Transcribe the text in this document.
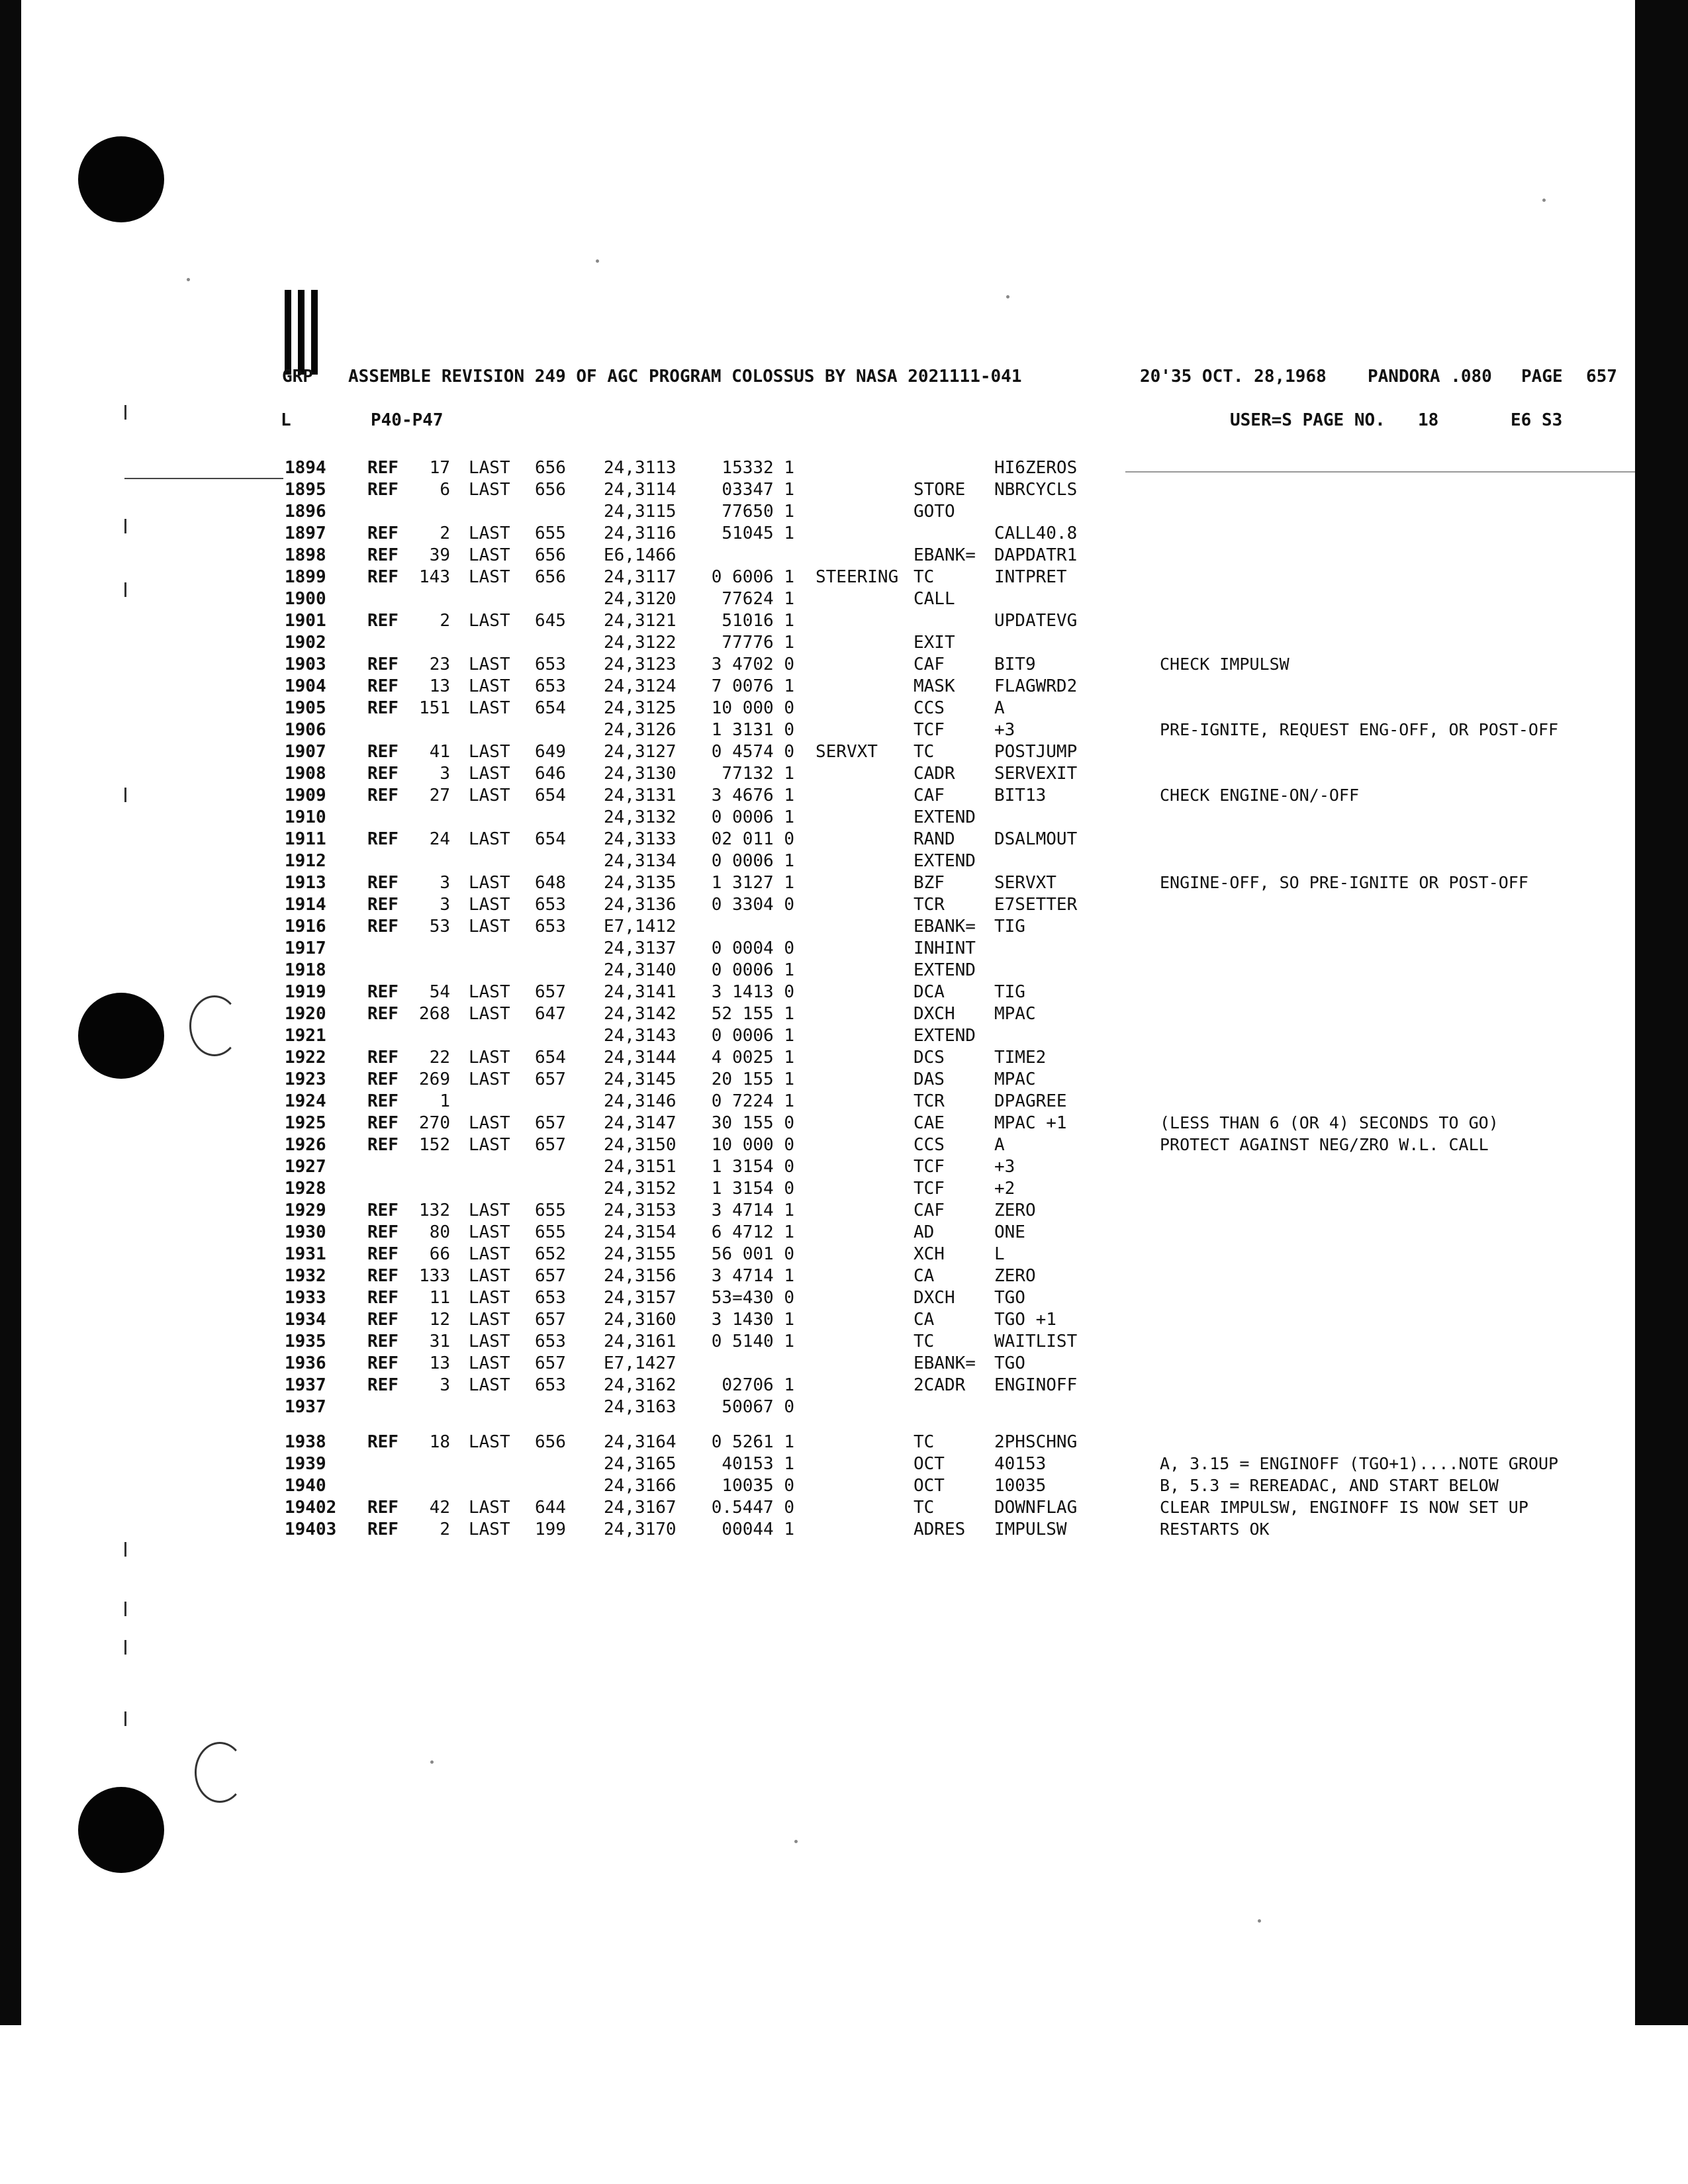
GRP ASSEMBLE REVISION 249 OF AGC PROGRAM COLOSSUS BY NASA 2021111-041	20'35 OCT. 28,1968 PANDORA .080 PAGE 657
L	P40-P47	USER=S PAGE NO. 18	E6 S3
1894 REF	17 LAST 656 24,3113	15332 1	HI6ZEROS
1895 REF	6 LAST 656 24,3114	03347 1	STORE NBRCYCLS
1896	24,3115	77650 1	GOTO
1897 REF	2 LAST 655 24,3116	51045 1	CALL40.8
1898 REF	39 LAST 656 E6,1466	EBANK= DAPDATR1
1899 REF	143 LAST 656 24,3117	0 6006 1 STEERING TC	INTPRET
1900	24,3120	77624 1	CALL
1901 REF	2 LAST 645 24,3121	51016 1	UPDATEVG
1902	24,3122	77776 1	EXIT
1903 REF	23 LAST 653 24,3123	3 4702 0	CAF	BIT9	CHECK IMPULSW
1904 REF	13 LAST 653 24,3124	7 0076 1	MASK FLAGWRD2
1905 REF	151 LAST 654 24,3125	10 000 0	CCS	A
1906	24,3126	1 3131 0	TCF	+3	PRE-IGNITE, REQUEST ENG-OFF, OR POST-OFF
1907 REF	41 LAST 649 24,3127	0 4574 0 SERVXT TC	POSTJUMP
1908 REF	3 LAST 646 24,3130	77132 1	CADR SERVEXIT
1909 REF	27 LAST 654 24,3131	3 4676 1	CAF	BIT13	CHECK ENGINE-ON/-OFF
1910	24,3132	0 0006 1	EXTEND
1911 REF	24 LAST 654 24,3133	02 011 0	RAND DSALMOUT
1912	24,3134	0 0006 1	EXTEND
1913 REF	3 LAST 648 24,3135	1 3127 1	BZF	SERVXT	ENGINE-OFF, SO PRE-IGNITE OR POST-OFF
1914 REF	3 LAST 653 24,3136	0 3304 0	TCR	E7SETTER
1916 REF	53 LAST 653 E7,1412	EBANK= TIG
1917	24,3137	0 0004 0	INHINT
1918	24,3140	0 0006 1	EXTEND
1919 REF	54 LAST 657 24,3141	3 1413 0	DCA	TIG
1920 REF	268 LAST 647 24,3142	52 155 1	DXCH MPAC
1921	24,3143	0 0006 1	EXTEND
1922 REF	22 LAST 654 24,3144	4 0025 1	DCS	TIME2
1923 REF	269 LAST 657 24,3145	20 155 1	DAS	MPAC
1924 REF	1	24,3146	0 7224 1	TCR	DPAGREE
1925 REF	270 LAST 657 24,3147	30 155 0	CAE	MPAC +1	(LESS THAN 6 (OR 4) SECONDS TO GO)
1926 REF	152 LAST 657 24,3150	10 000 0	CCS	A	PROTECT AGAINST NEG/ZRO W.L. CALL
1927	24,3151	1 3154 0	TCF	+3
1928	24,3152	1 3154 0	TCF	+2
1929 REF	132 LAST 655 24,3153	3 4714 1	CAF	ZERO
1930 REF	80 LAST 655 24,3154	6 4712 1	AD	ONE
1931 REF	66 LAST 652 24,3155	56 001 0	XCH	L
1932 REF	133 LAST 657 24,3156	3 4714 1	CA	ZERO
1933 REF	11 LAST 653 24,3157	53=430 0	DXCH TGO
1934 REF	12 LAST 657 24,3160	3 1430 1	CA	TGO +1
1935 REF	31 LAST 653 24,3161	0 5140 1	TC	WAITLIST
1936 REF	13 LAST 657 E7,1427	EBANK= TGO
1937 REF	3 LAST 653 24,3162	02706 1	2CADR ENGINOFF
1937	24,3163	50067 0
1938 REF	18 LAST 656 24,3164	0 5261 1	TC	2PHSCHNG
1939	24,3165	40153 1	OCT	40153	A, 3.15 = ENGINOFF (TGO+1)....NOTE GROUP
1940	24,3166	10035 0	OCT	10035	B, 5.3 = REREADAC, AND START BELOW
19402 REF	42 LAST 644 24,3167	0.5447 0	TC	DOWNFLAG	CLEAR IMPULSW, ENGINOFF IS NOW SET UP
19403 REF	2 LAST 199 24,3170	00044 1	ADRES IMPULSW	RESTARTS OK
